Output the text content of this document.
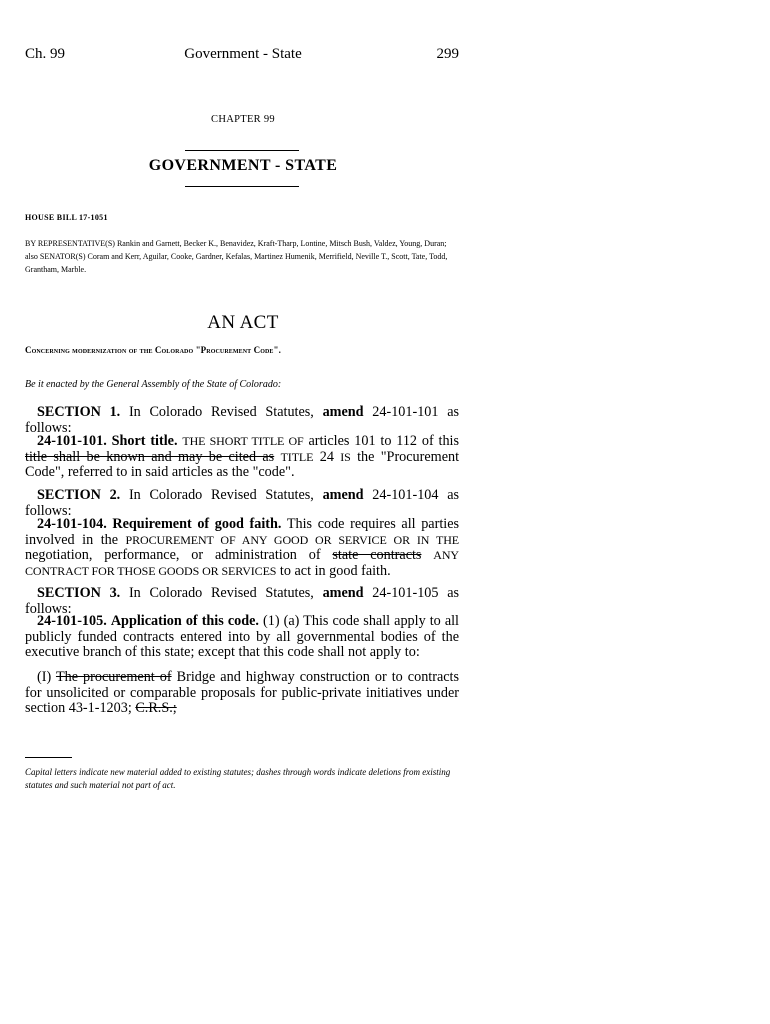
Ch. 99	Government - State	299
CHAPTER 99
GOVERNMENT - STATE
HOUSE BILL 17-1051
BY REPRESENTATIVE(S) Rankin and Garnett, Becker K., Benavidez, Kraft-Tharp, Lontine, Mitsch Bush, Valdez, Young, Duran;
also SENATOR(S) Coram and Kerr, Aguilar, Cooke, Gardner, Kefalas, Martinez Humenik, Merrifield, Neville T., Scott, Tate, Todd, Grantham, Marble.
AN ACT
Concerning modernization of the Colorado "Procurement Code".
Be it enacted by the General Assembly of the State of Colorado:
SECTION 1. In Colorado Revised Statutes, amend 24-101-101 as follows:
24-101-101. Short title. THE SHORT TITLE OF articles 101 to 112 of this title shall be known and may be cited as TITLE 24 IS the "Procurement Code", referred to in said articles as the "code".
SECTION 2. In Colorado Revised Statutes, amend 24-101-104 as follows:
24-101-104. Requirement of good faith. This code requires all parties involved in the PROCUREMENT OF ANY GOOD OR SERVICE OR IN THE negotiation, performance, or administration of state contracts ANY CONTRACT FOR THOSE GOODS OR SERVICES to act in good faith.
SECTION 3. In Colorado Revised Statutes, amend 24-101-105 as follows:
24-101-105. Application of this code. (1) (a) This code shall apply to all publicly funded contracts entered into by all governmental bodies of the executive branch of this state; except that this code shall not apply to:
(I) The procurement of Bridge and highway construction or to contracts for unsolicited or comparable proposals for public-private initiatives under section 43-1-1203; C.R.S.;
Capital letters indicate new material added to existing statutes; dashes through words indicate deletions from existing statutes and such material not part of act.
